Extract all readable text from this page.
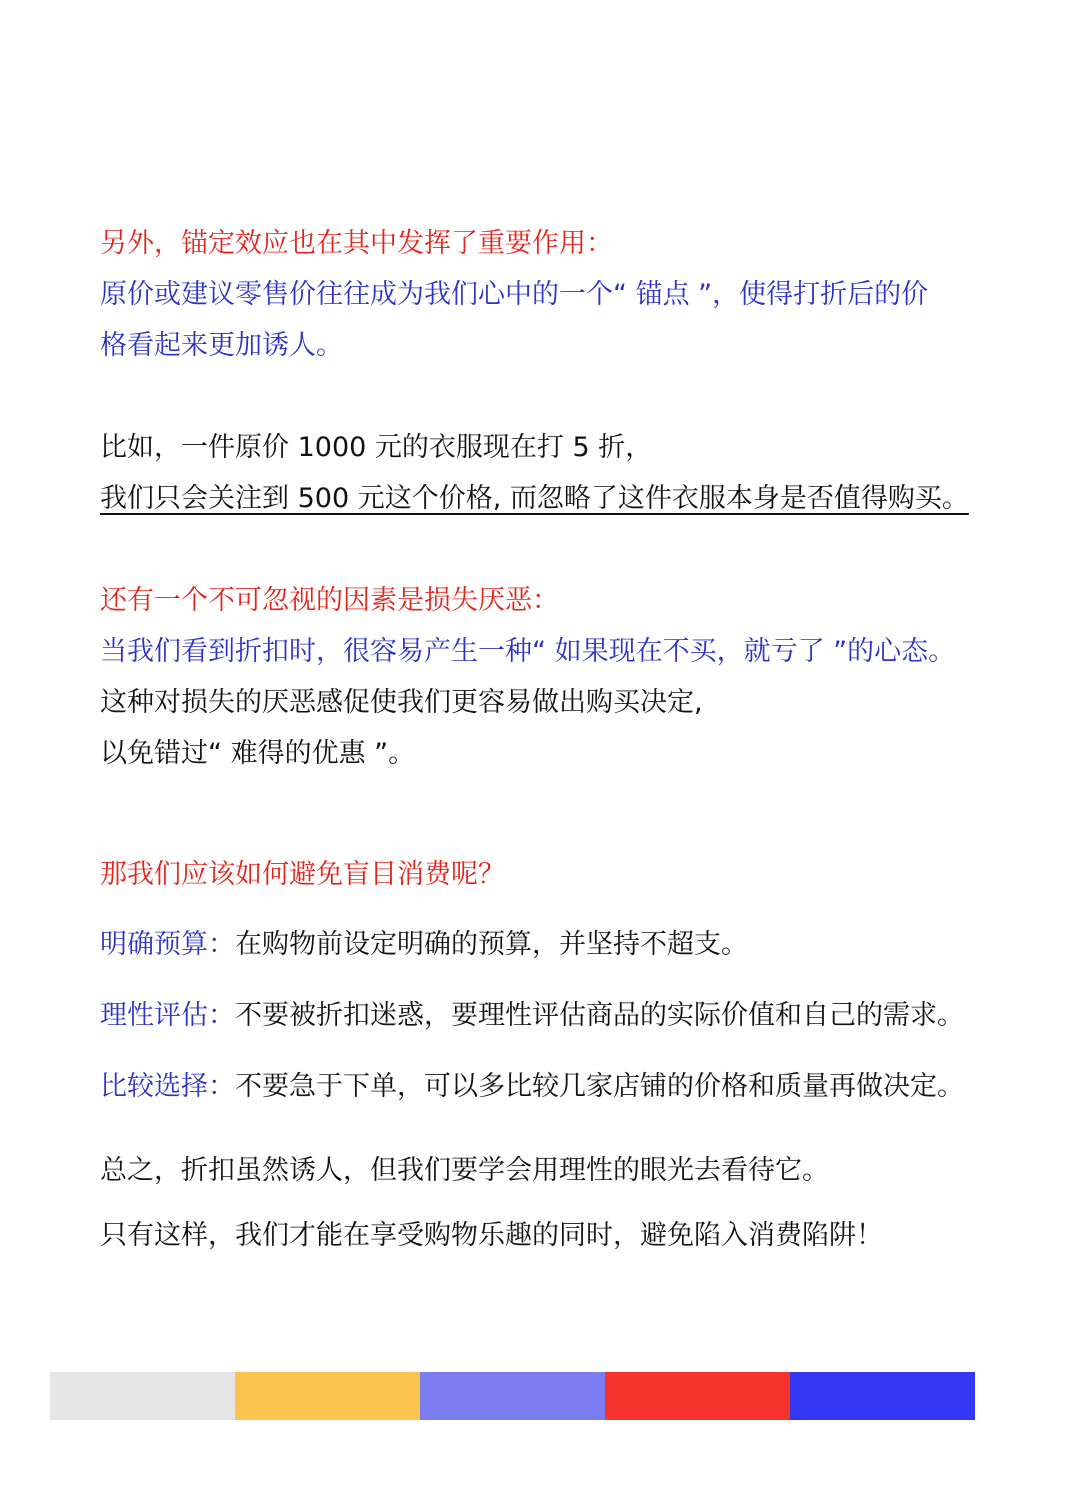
另外，锚定效应也在其中发挥了重要作用：

原价或建议零售价往往成为我们心中的一个“ 锚点 ”，使得打折后的价

格看起来更加诱人。

比如，一件原价 1000 元的衣服现在打 5 折，

我们只会关注到 500 元这个价格, 而忽略了这件衣服本身是否值得购买。

还有一个不可忽视的因素是损失厌恶：

当我们看到折扣时，很容易产生一种“ 如果现在不买，就亏了 ”的心态。

这种对损失的厌恶感促使我们更容易做出购买决定,

以免错过“ 难得的优惠 ”。

那我们应该如何避免盲目消费呢？

明确预算：在购物前设定明确的预算，并坚持不超支。

理性评估：不要被折扣迷惑，要理性评估商品的实际价值和自己的需求。

比较选择：不要急于下单，可以多比较几家店铺的价格和质量再做决定。

总之，折扣虽然诱人，但我们要学会用理性的眼光去看待它。

只有这样，我们才能在享受购物乐趣的同时，避免陷入消费陷阱！
